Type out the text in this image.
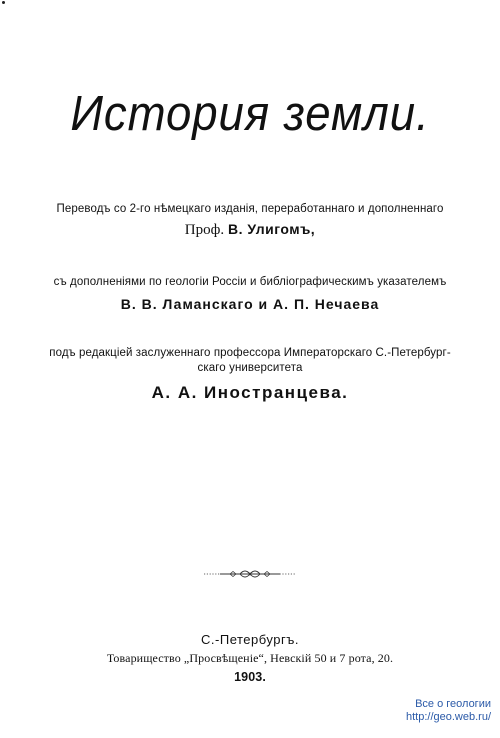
История земли.
Переводъ со 2-го нѣмецкаго изданія, переработаннаго и дополненнаго
Проф. В. Улигомъ,
съ дополненіями по геологіи Россіи и библіографическимъ указателемъ
В. В. Ламанскаго и А. П. Нечаева
подъ редакціей заслуженнаго профессора Императорскаго С.-Петербург-
скаго университета
А. А. Иностранцева.
С.-Петербургъ.
Товарищество „Просвѣщеніе“, Невскій 50 и 7 рота, 20.
1903.
Все о геологии
http://geo.web.ru/
